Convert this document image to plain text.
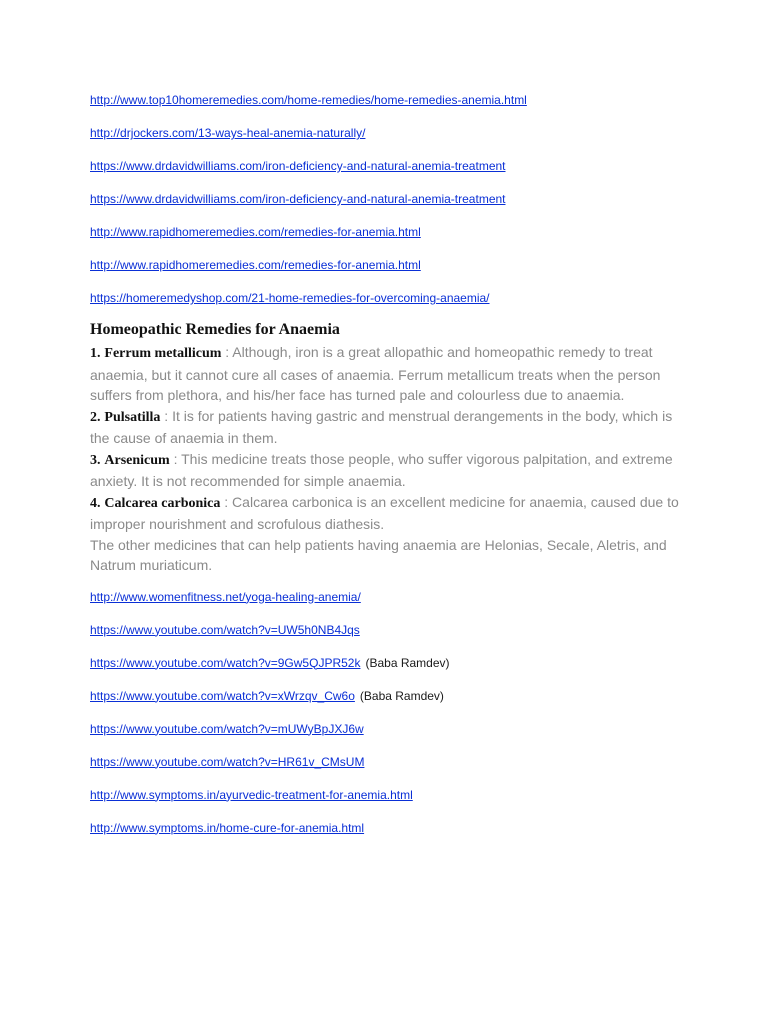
http://www.top10homeremedies.com/home-remedies/home-remedies-anemia.html
http://drjockers.com/13-ways-heal-anemia-naturally/
https://www.drdavidwilliams.com/iron-deficiency-and-natural-anemia-treatment
https://www.drdavidwilliams.com/iron-deficiency-and-natural-anemia-treatment
http://www.rapidhomeremedies.com/remedies-for-anemia.html
http://www.rapidhomeremedies.com/remedies-for-anemia.html
https://homeremedyshop.com/21-home-remedies-for-overcoming-anaemia/
Homeopathic Remedies for Anaemia

1. Ferrum metallicum : Although, iron is a great allopathic and homeopathic remedy to treat anaemia, but it cannot cure all cases of anaemia. Ferrum metallicum treats when the person suffers from plethora, and his/her face has turned pale and colourless due to anaemia.

2. Pulsatilla : It is for patients having gastric and menstrual derangements in the body, which is the cause of anaemia in them.

3. Arsenicum : This medicine treats those people, who suffer vigorous palpitation, and extreme anxiety. It is not recommended for simple anaemia.

4. Calcarea carbonica : Calcarea carbonica is an excellent medicine for anaemia, caused due to improper nourishment and scrofulous diathesis.

The other medicines that can help patients having anaemia are Helonias, Secale, Aletris, and Natrum muriaticum.

http://www.womenfitness.net/yoga-healing-anemia/
https://www.youtube.com/watch?v=UW5h0NB4Jqs
https://www.youtube.com/watch?v=9Gw5QJPR52k (Baba Ramdev)
https://www.youtube.com/watch?v=xWrzqv_Cw6o (Baba Ramdev)
https://www.youtube.com/watch?v=mUWyBpJXJ6w
https://www.youtube.com/watch?v=HR61v_CMsUM
http://www.symptoms.in/ayurvedic-treatment-for-anemia.html
http://www.symptoms.in/home-cure-for-anemia.html
